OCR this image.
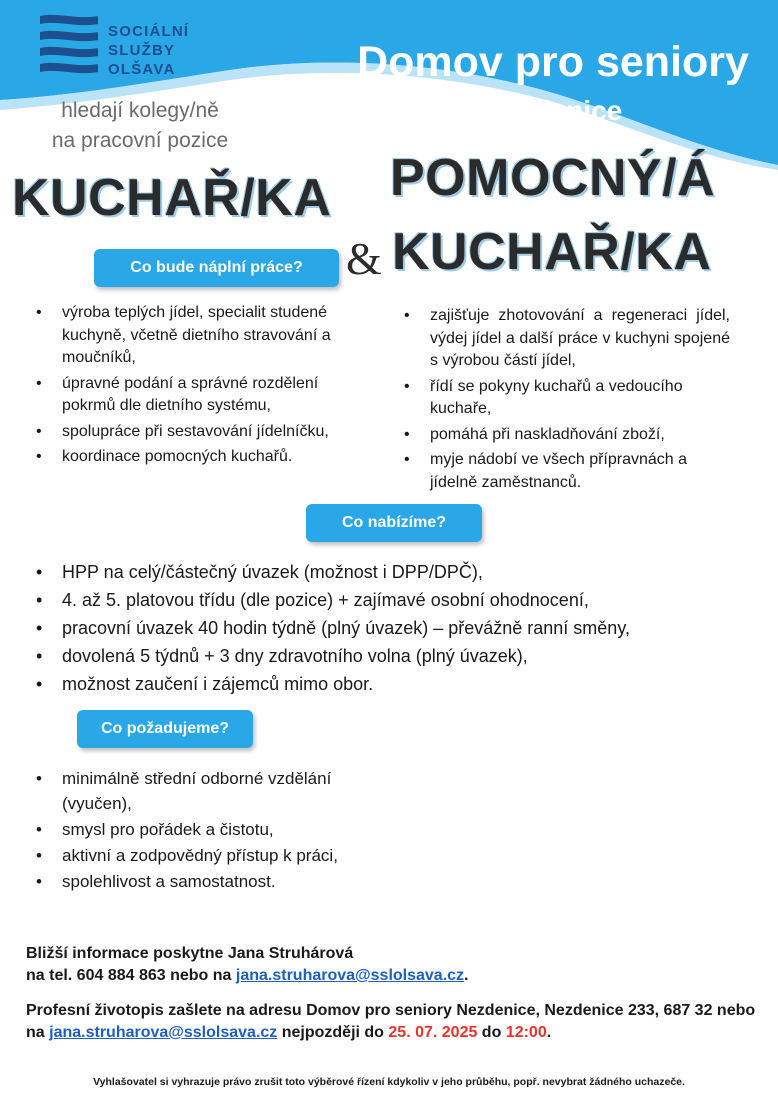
SOCIÁLNÍ
SLUŽBY
OLŠAVA	Domov pro seniory
Nezdenice
hledají kolegy/ně
na pracovní pozice
KUCHAŘ/KA POMOCNÝ/Á
& KUCHAŘ/KA
Co bude náplní práce?
• výroba teplých jídel, specialit studené kuchyně, včetně dietního stravování a moučníků,
• úpravné podání a správné rozdělení pokrmů dle dietního systému,
• spolupráce při sestavování jídelníčku,
• koordinace pomocných kuchařů.
• zajišťuje zhotovování a regeneraci jídel, výdej jídel a další práce v kuchyni spojené s výrobou částí jídel,
• řídí se pokyny kuchařů a vedoucího kuchaře,
• pomáhá při naskladňování zboží,
• myje nádobí ve všech přípravnách a jídelně zaměstnanců.
Co nabízíme?
• HPP na celý/částečný úvazek (možnost i DPP/DPČ),
• 4. až 5. platovou třídu (dle pozice) + zajímavé osobní ohodnocení,
• pracovní úvazek 40 hodin týdně (plný úvazek) – převážně ranní směny,
• dovolená 5 týdnů + 3 dny zdravotního volna (plný úvazek),
• možnost zaučení i zájemců mimo obor.
Co požadujeme?
• minimálně střední odborné vzdělání (vyučen),
• smysl pro pořádek a čistotu,
• aktivní a zodpovědný přístup k práci,
• spolehlivost a samostatnost.
Bližší informace poskytne Jana Struhárová
na tel. 604 884 863 nebo na jana.struharova@sslolsava.cz.
Profesní životopis zašlete na adresu Domov pro seniory Nezdenice, Nezdenice 233, 687 32 nebo na jana.struharova@sslolsava.cz nejpozději do 25. 07. 2025 do 12:00.
Vyhlašovatel si vyhrazuje právo zrušit toto výběrové řízení kdykoliv v jeho průběhu, popř. nevybrat žádného uchazeče.
